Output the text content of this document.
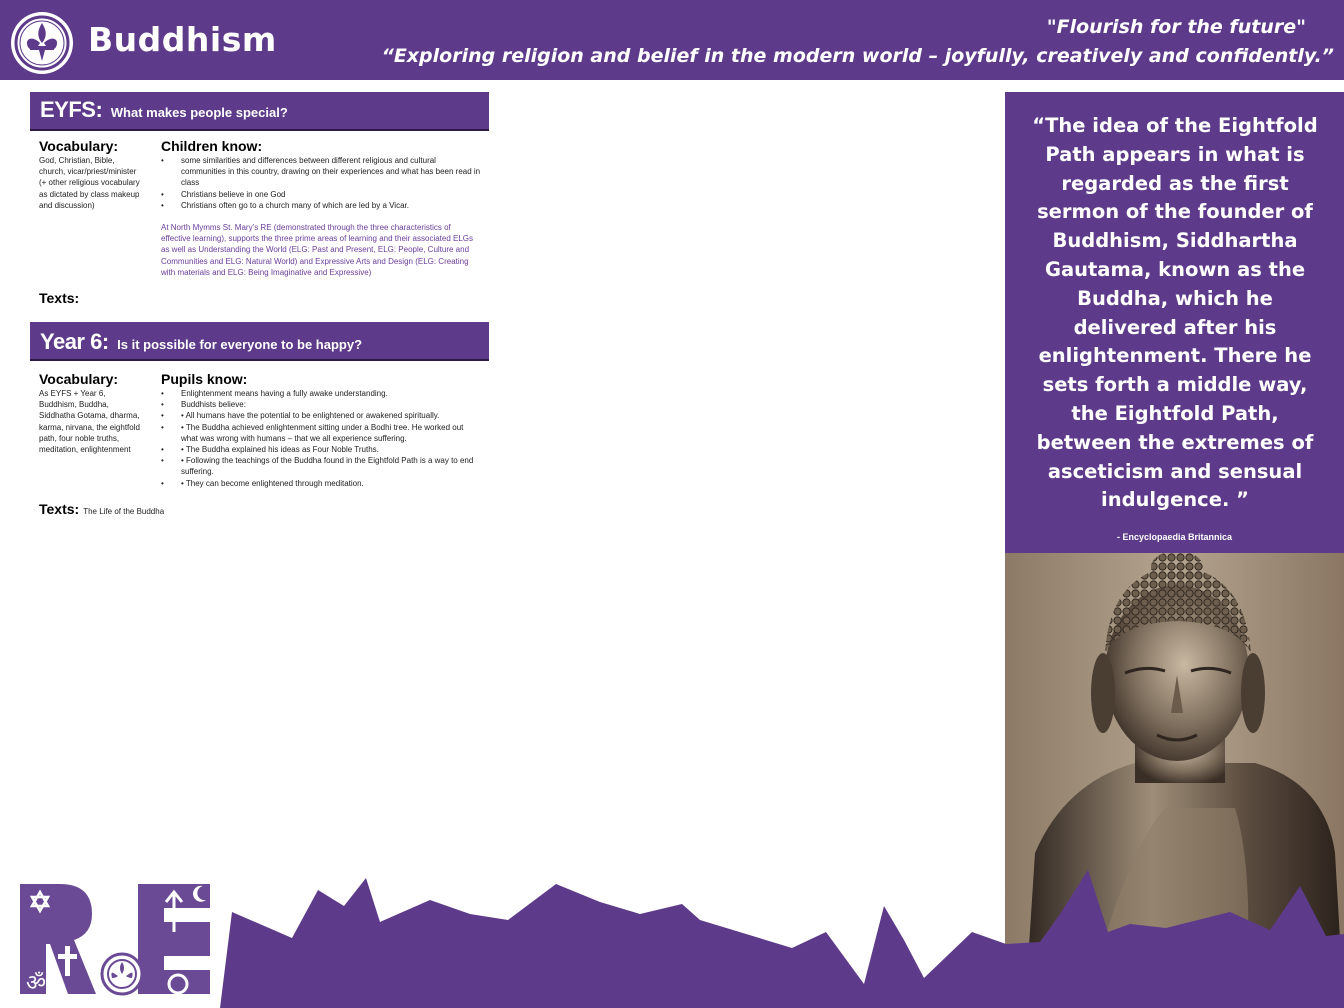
Buddhism	"Flourish for the future"
“Exploring religion and belief in the modern world – joyfully, creatively and confidently.”
EYFS: What makes people special?
Vocabulary:
God, Christian, Bible, church, vicar/priest/minister (+ other religious vocabulary as dictated by class makeup and discussion)
Children know:
• some similarities and differences between different religious and cultural communities in this country, drawing on their experiences and what has been read in class
• Christians believe in one God
• Christians often go to a church many of which are led by a Vicar.
At North Mymms St. Mary’s RE (demonstrated through the three characteristics of effective learning), supports the three prime areas of learning and their associated ELGs as well as Understanding the World (ELG: Past and Present, ELG: People, Culture and Communities and ELG: Natural World) and Expressive Arts and Design (ELG: Creating with materials and ELG: Being Imaginative and Expressive)
Texts:
Year 6: Is it possible for everyone to be happy?
Vocabulary:
As EYFS + Year 6, Buddhism, Buddha, Siddhatha Gotama, dharma, karma, nirvana, the eightfold path, four noble truths, meditation, enlightenment
Pupils know:
• Enlightenment means having a fully awake understanding.
• Buddhists believe:
• • All humans have the potential to be enlightened or awakened spiritually.
• • The Buddha achieved enlightenment sitting under a Bodhi tree. He worked out what was wrong with humans – that we all experience suffering.
• • The Buddha explained his ideas as Four Noble Truths.
• • Following the teachings of the Buddha found in the Eightfold Path is a way to end suffering.
• • They can become enlightened through meditation.
Texts: The Life of the Buddha
“The idea of the Eightfold Path appears in what is regarded as the first sermon of the founder of Buddhism, Siddhartha Gautama, known as the Buddha, which he delivered after his enlightenment. There he sets forth a middle way, the Eightfold Path, between the extremes of asceticism and sensual indulgence. ”
- Encyclopaedia Britannica
ॐ
